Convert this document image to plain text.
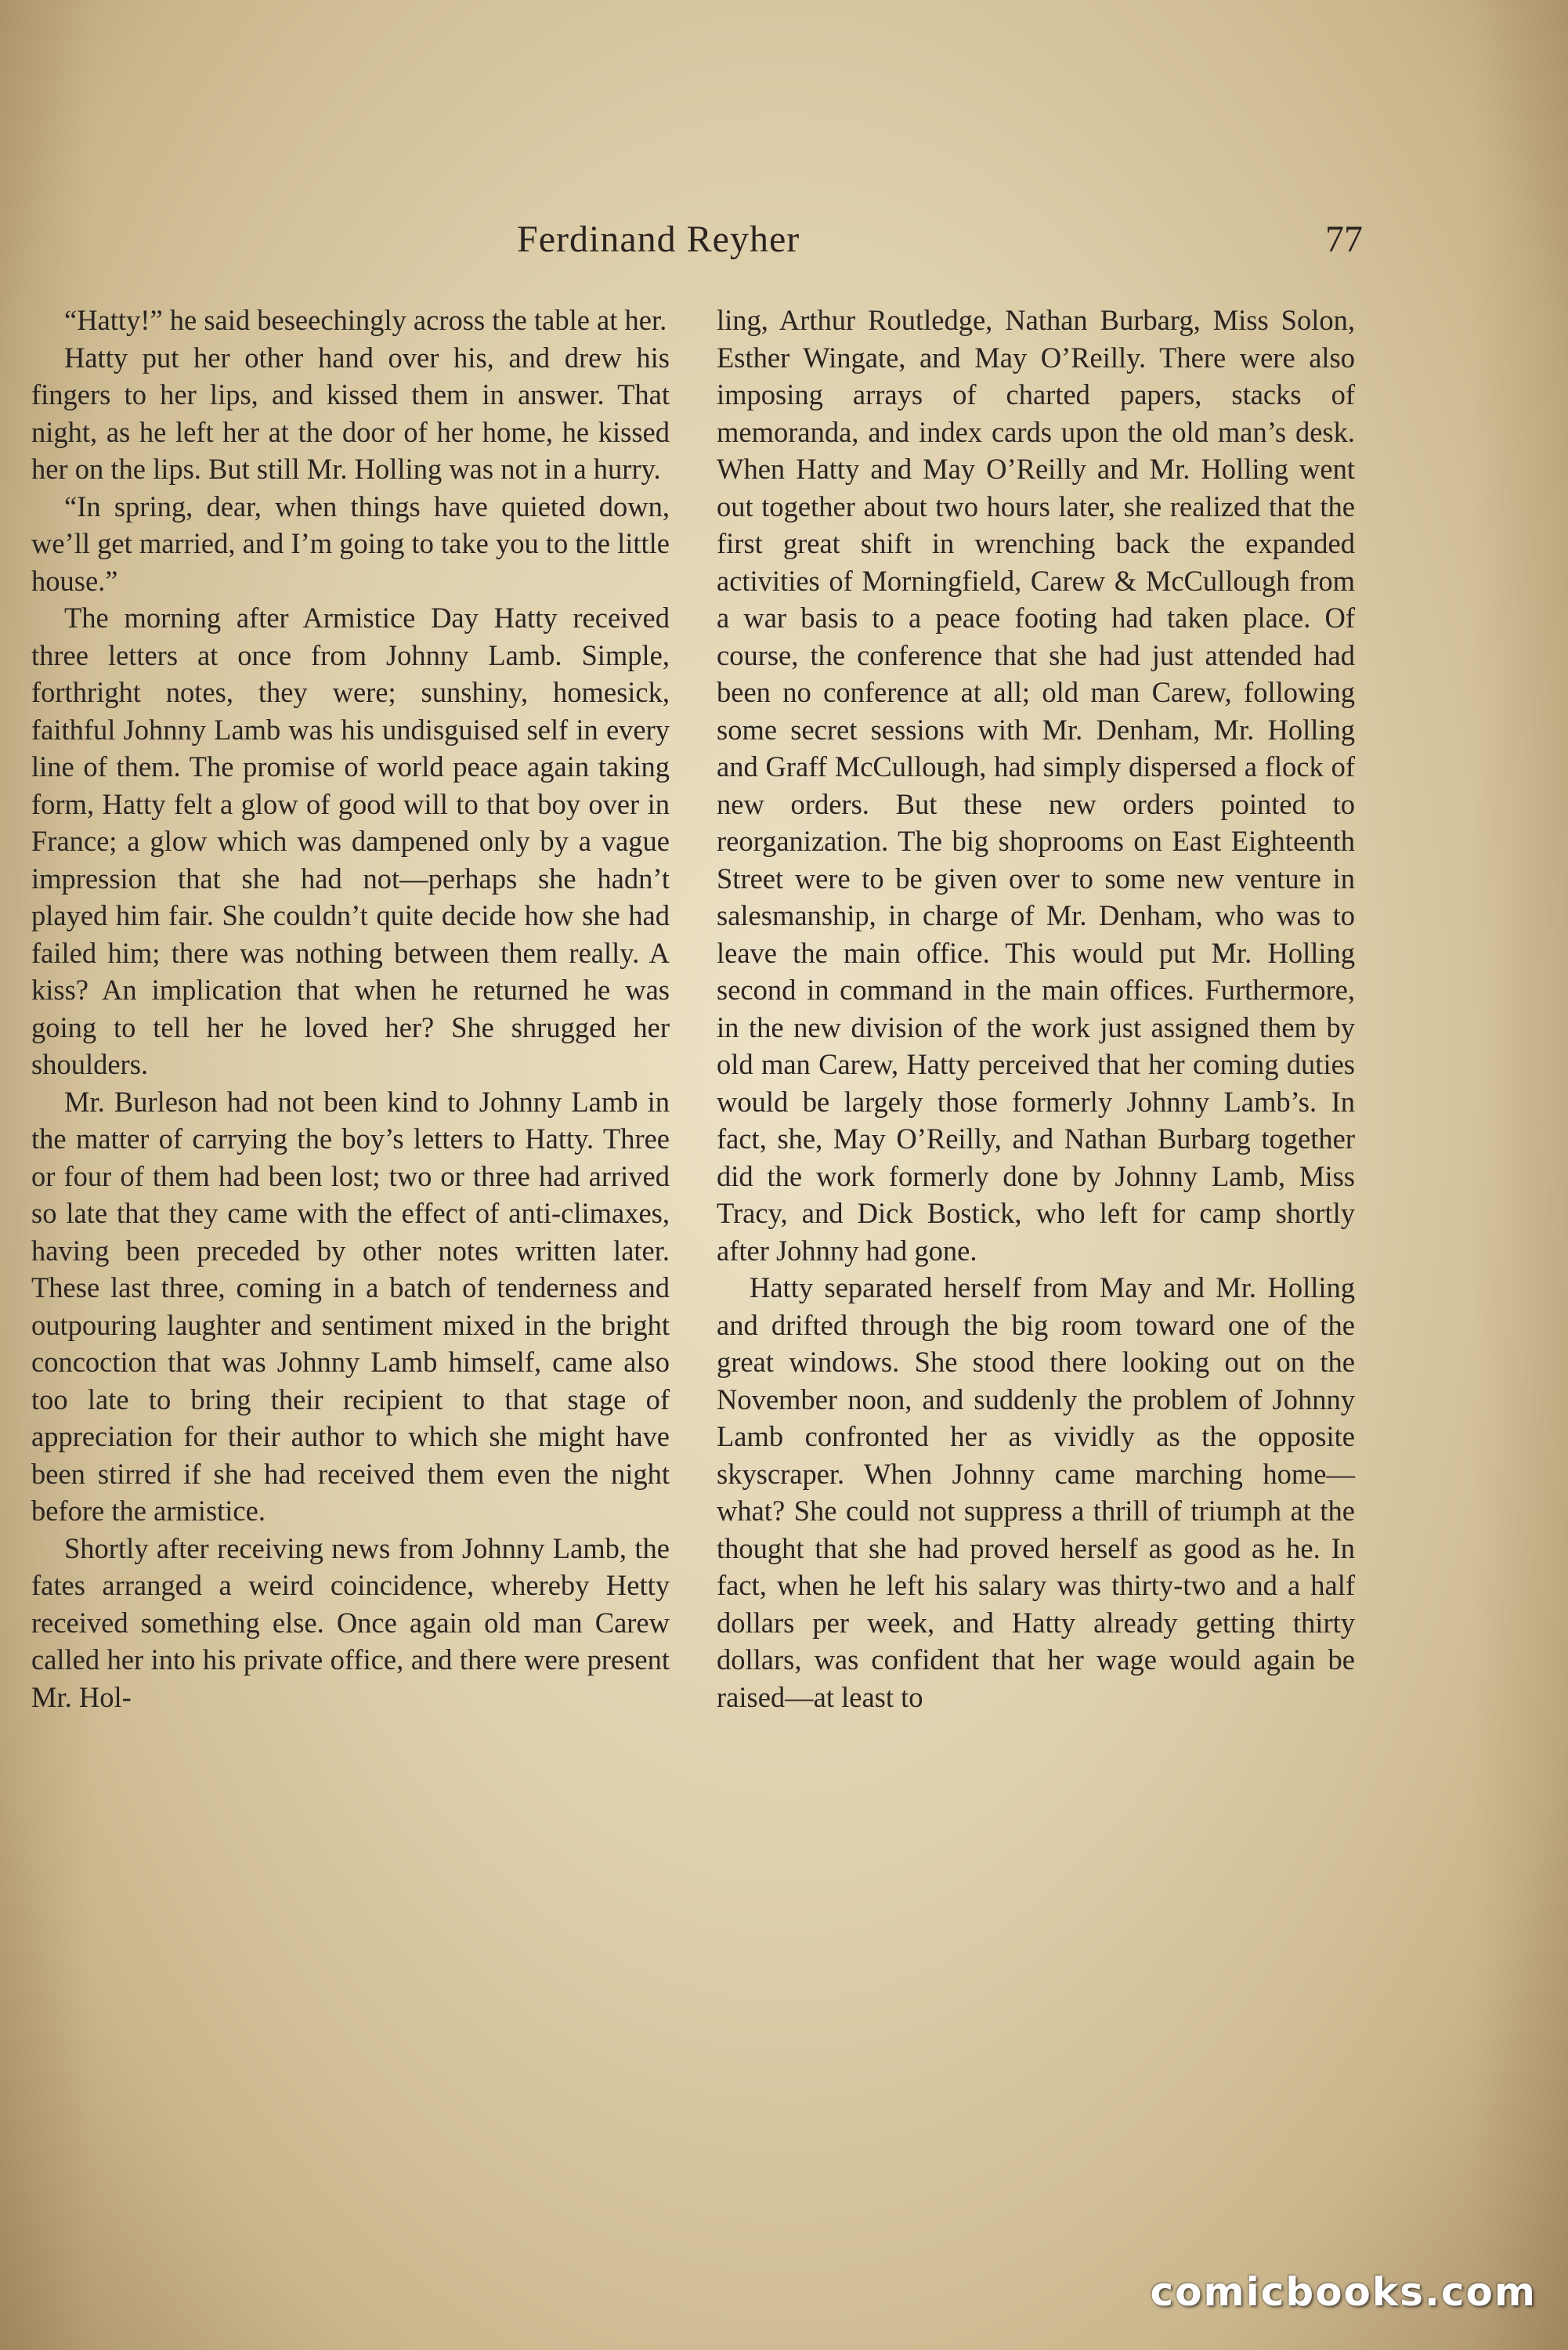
Ferdinand Reyher	77

“Hatty!” he said beseechingly across the table at her.

Hatty put her other hand over his, and drew his fingers to her lips, and kissed them in answer. That night, as he left her at the door of her home, he kissed her on the lips. But still Mr. Holling was not in a hurry.

“In spring, dear, when things have quieted down, we’ll get married, and I’m going to take you to the little house.”

The morning after Armistice Day Hatty received three letters at once from Johnny Lamb. Simple, forthright notes, they were; sunshiny, homesick, faithful Johnny Lamb was his undisguised self in every line of them. The promise of world peace again taking form, Hatty felt a glow of good will to that boy over in France; a glow which was dampened only by a vague impression that she had not—perhaps she hadn’t played him fair. She couldn’t quite decide how she had failed him; there was nothing between them really. A kiss? An implication that when he returned he was going to tell her he loved her? She shrugged her shoulders.

Mr. Burleson had not been kind to Johnny Lamb in the matter of carrying the boy’s letters to Hatty. Three or four of them had been lost; two or three had arrived so late that they came with the effect of anti-climaxes, having been preceded by other notes written later. These last three, coming in a batch of tenderness and outpouring laughter and sentiment mixed in the bright concoction that was Johnny Lamb himself, came also too late to bring their recipient to that stage of appreciation for their author to which she might have been stirred if she had received them even the night before the armistice.

Shortly after receiving news from Johnny Lamb, the fates arranged a weird coincidence, whereby Hetty received something else. Once again old man Carew called her into his private office, and there were present Mr. Hol-

ling, Arthur Routledge, Nathan Burbarg, Miss Solon, Esther Wingate, and May O’Reilly. There were also imposing arrays of charted papers, stacks of memoranda, and index cards upon the old man’s desk. When Hatty and May O’Reilly and Mr. Holling went out together about two hours later, she realized that the first great shift in wrenching back the expanded activities of Morningfield, Carew & McCullough from a war basis to a peace footing had taken place. Of course, the conference that she had just attended had been no conference at all; old man Carew, following some secret sessions with Mr. Denham, Mr. Holling and Graff McCullough, had simply dispersed a flock of new orders. But these new orders pointed to reorganization. The big shoprooms on East Eighteenth Street were to be given over to some new venture in salesmanship, in charge of Mr. Denham, who was to leave the main office. This would put Mr. Holling second in command in the main offices. Furthermore, in the new division of the work just assigned them by old man Carew, Hatty perceived that her coming duties would be largely those formerly Johnny Lamb’s. In fact, she, May O’Reilly, and Nathan Burbarg together did the work formerly done by Johnny Lamb, Miss Tracy, and Dick Bostick, who left for camp shortly after Johnny had gone.

Hatty separated herself from May and Mr. Holling and drifted through the big room toward one of the great windows. She stood there looking out on the November noon, and suddenly the problem of Johnny Lamb confronted her as vividly as the opposite skyscraper. When Johnny came marching home—what? She could not suppress a thrill of triumph at the thought that she had proved herself as good as he. In fact, when he left his salary was thirty-two and a half dollars per week, and Hatty already getting thirty dollars, was confident that her wage would again be raised—at least to

comicbooks.com
